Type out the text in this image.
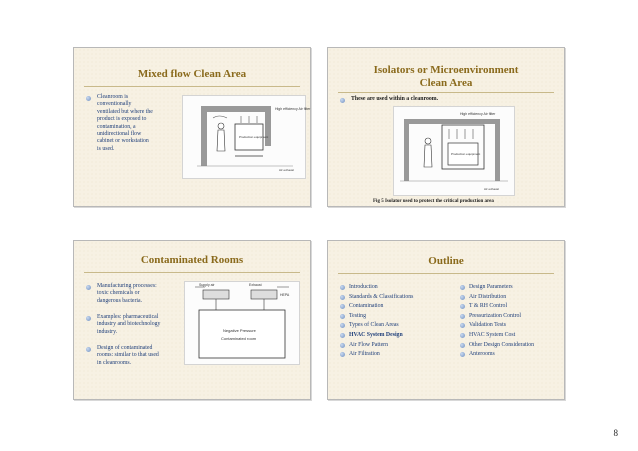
Mixed flow Clean Area
Cleanroom is
conventionally
ventilated but where the
product is exposed to
contamination, a
unidirectional flow
cabinet or workstation
is used.
High efficiency Air filter
Production equipment
Air exhaust
Isolators or Microenvironment
Clean Area
These are used within a cleanroom.
High efficiency Air filter
Production equipment
Air exhaust
Fig 5 Isolator used to protect the critical production area
Contaminated Rooms
Manufacturing processes:
toxic chemicals or
dangerous bacteria.
Examples: pharmaceutical
industry and biotechnology
industry.
Design of contaminated
rooms: similar to that used
in cleanrooms.
Supply air	Exhaust
HEPA
Negative Pressure
Contaminated room
Outline
Introduction
Standards & Classifications
Contamination
Testing
Types of Clean Areas
HVAC System Design
Air Flow Pattern
Air Filtration
Design Parameters
Air Distribution
T & RH Control
Pressurization Control
Validation Tests
HVAC System Cost
Other Design Consideration
Anterooms
8
